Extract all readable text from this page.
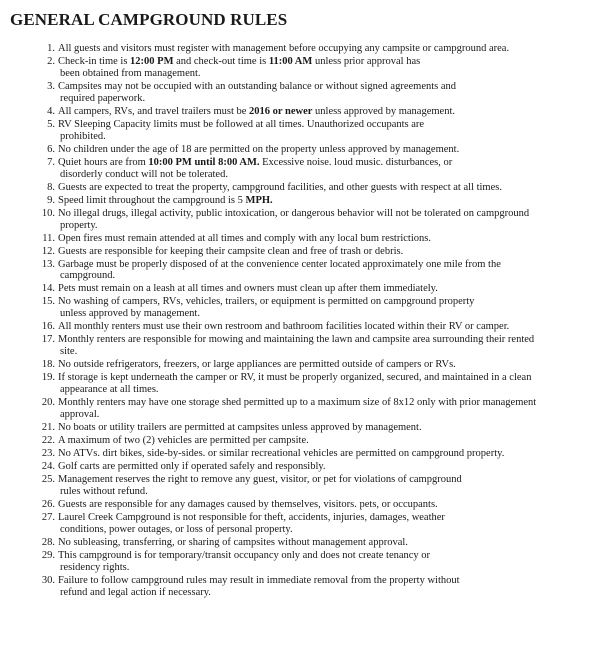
GENERAL CAMPGROUND RULES
1. All guests and visitors must register with management before occupying any campsite or campground area.
2. Check-in time is 12:00 PM and check-out time is 11:00 AM unless prior approval has
been obtained from management.
3. Campsites may not be occupied with an outstanding balance or without signed agreements and
required paperwork.
4. All campers, RVs, and travel trailers must be 2016 or newer unless approved by management.
5. RV Sleeping Capacity limits must be followed at all times. Unauthorized occupants are
prohibited.
6. No children under the age of 18 are permitted on the property unless approved by management.
7. Quiet hours are from 10:00 PM until 8:00 AM. Excessive noise. loud music. disturbances, or
disorderly conduct will not be tolerated.
8. Guests are expected to treat the property, campground facilities, and other guests with respect at all times.
9. Speed limit throughout the campground is 5 MPH.
10. No illegal drugs, illegal activity, public intoxication, or dangerous behavior will not be tolerated on campground
property.
11. Open fires must remain attended at all times and comply with any local bum restrictions.
12. Guests are responsible for keeping their campsite clean and free of trash or debris.
13. Garbage must be properly disposed of at the convenience center located approximately one mile from the
campground.
14. Pets must remain on a leash at all times and owners must clean up after them immediately.
15. No washing of campers, RVs, vehicles, trailers, or equipment is permitted on campground property
unless approved by management.
16. All monthly renters must use their own restroom and bathroom facilities located within their RV or camper.
17. Monthly renters are responsible for mowing and maintaining the lawn and campsite area surrounding their rented
site.
18. No outside refrigerators, freezers, or large appliances are permitted outside of campers or RVs.
19. If storage is kept underneath the camper or RV, it must be properly organized, secured, and maintained in a clean
appearance at all times.
20. Monthly renters may have one storage shed permitted up to a maximum size of 8x12 only with prior management
approval.
21. No boats or utility trailers are permitted at campsites unless approved by management.
22. A maximum of two (2) vehicles are permitted per campsite.
23. No ATVs. dirt bikes, side-by-sides. or similar recreational vehicles are permitted on campground property.
24. Golf carts are permitted only if operated safely and responsibly.
25. Management reserves the right to remove any guest, visitor, or pet for violations of campground
rules without refund.
26. Guests are responsible for any damages caused by themselves, visitors. pets, or occupants.
27. Laurel Creek Campground is not responsible for theft, accidents, injuries, damages, weather
conditions, power outages, or loss of personal property.
28. No subleasing, transferring, or sharing of campsites without management approval.
29. This campground is for temporary/transit occupancy only and does not create tenancy or
residency rights.
30. Failure to follow campground rules may result in immediate removal from the property without
refund and legal action if necessary.
